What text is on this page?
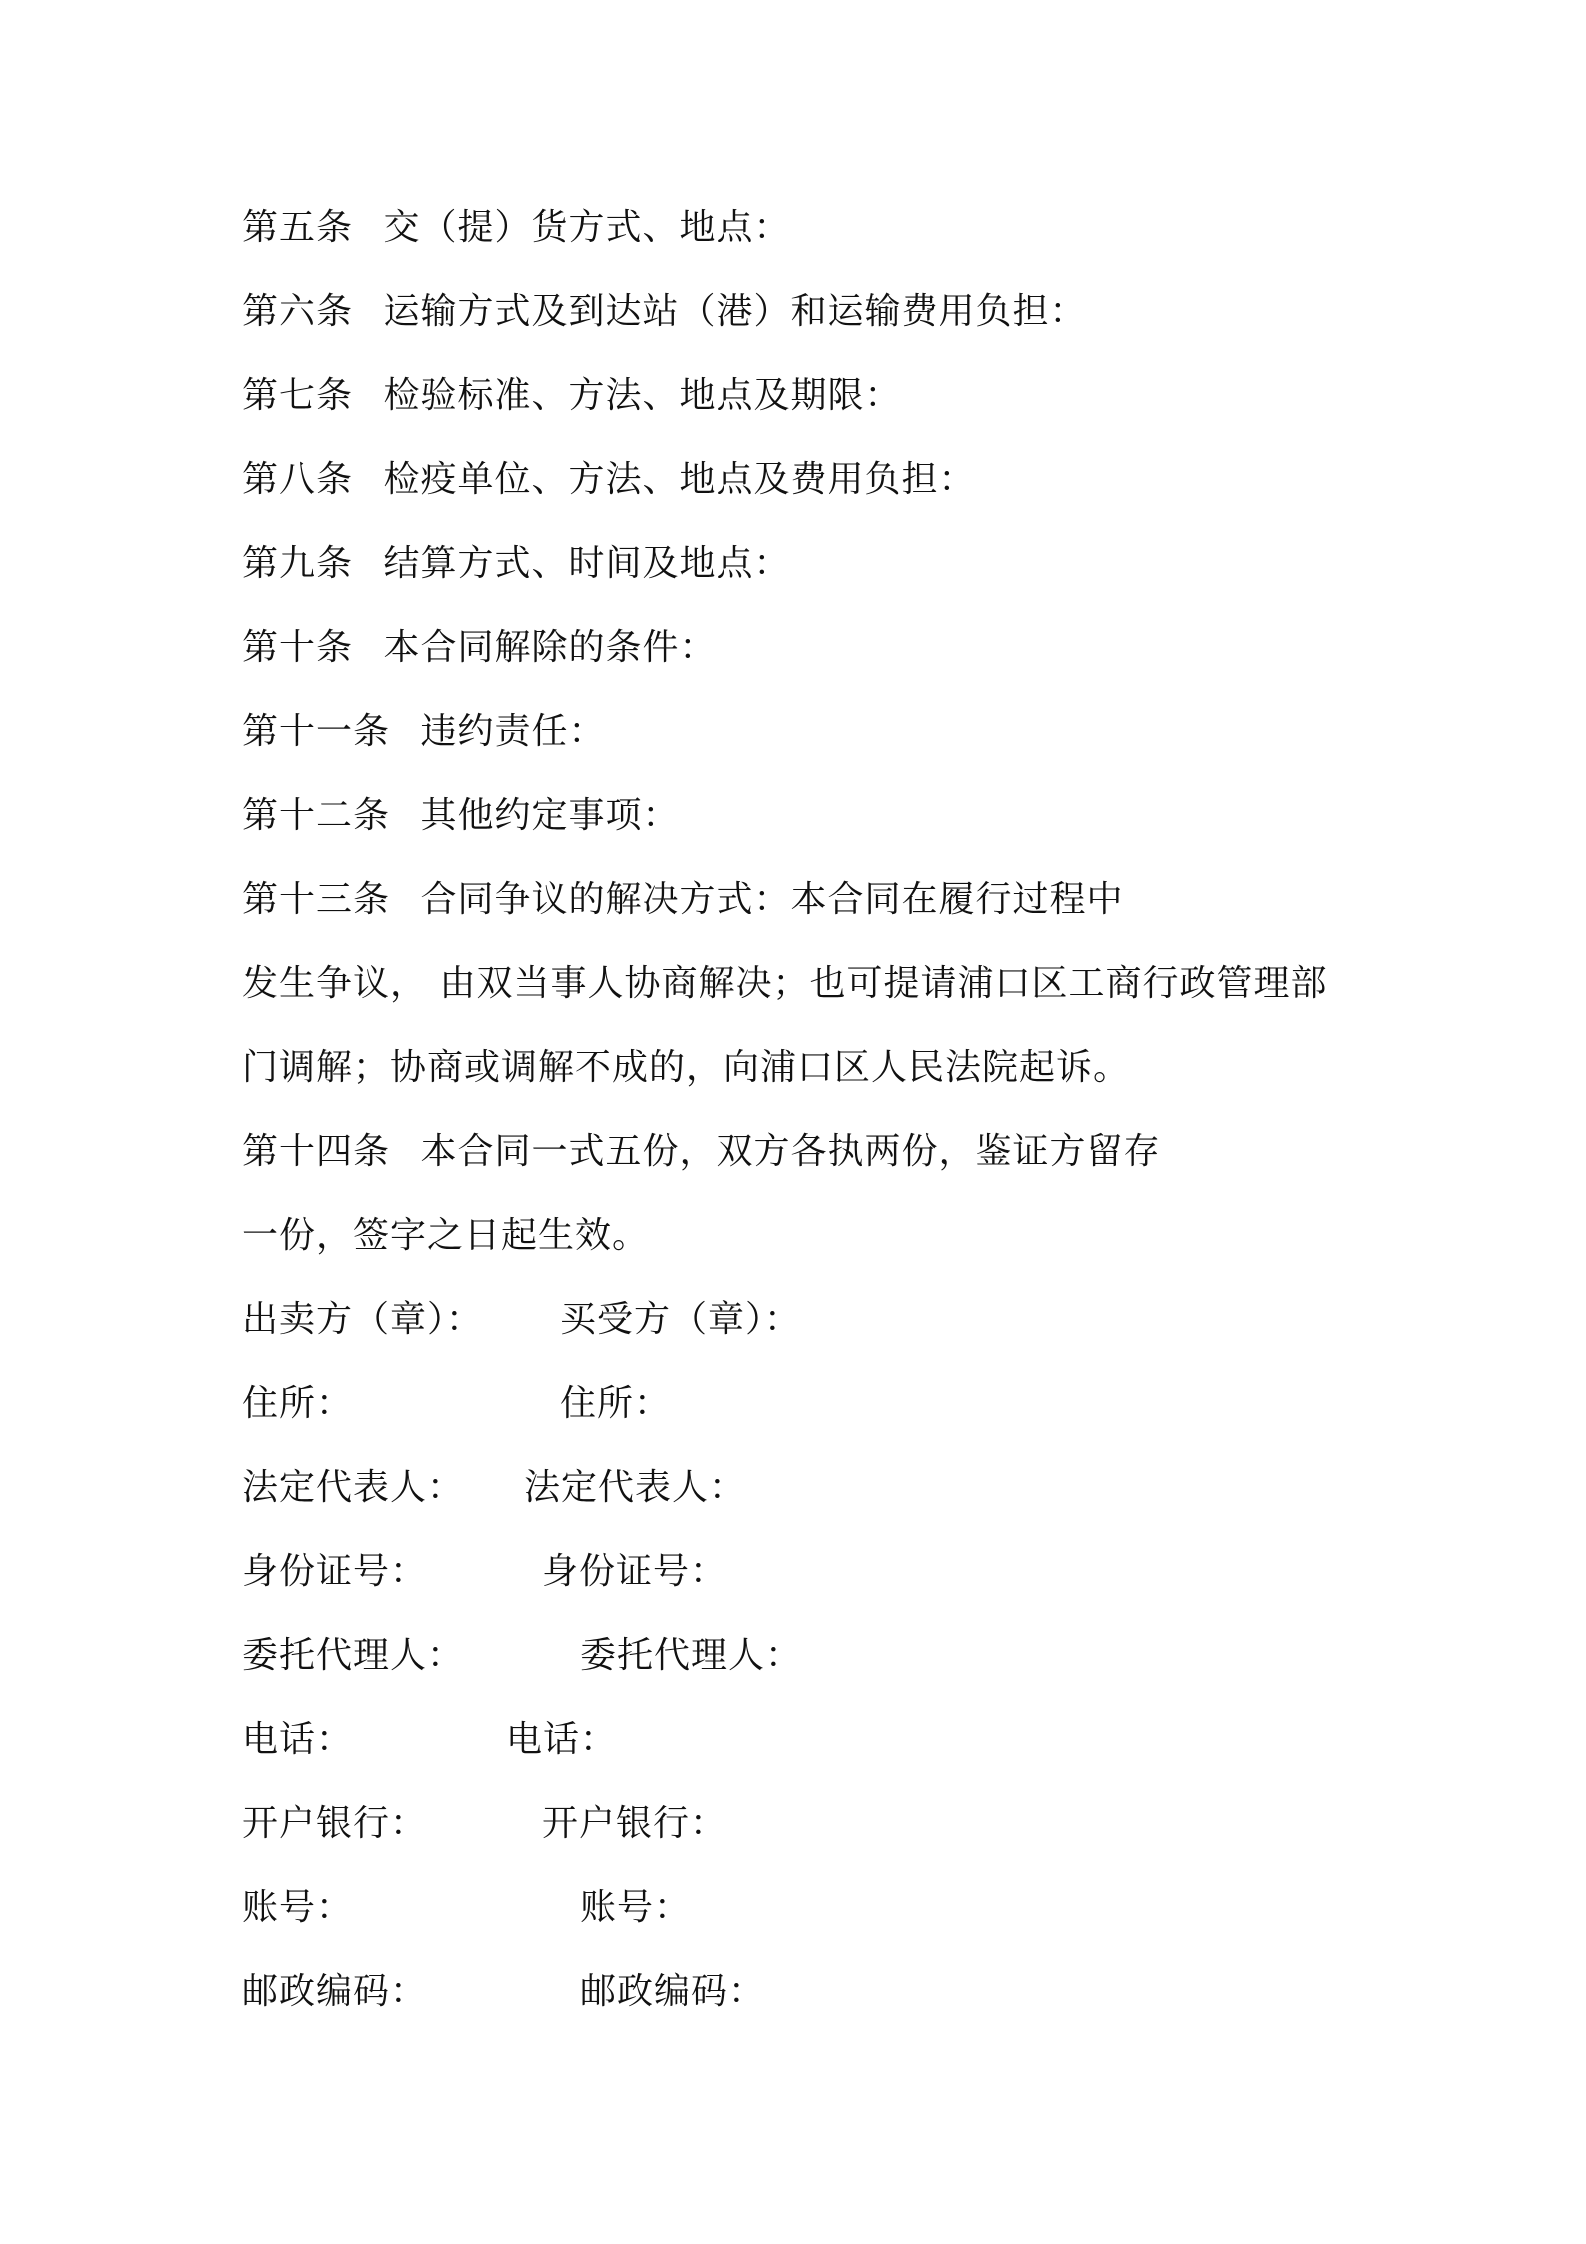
第五条 交（提）货方式、地点：
第六条 运输方式及到达站（港）和运输费用负担：
第七条 检验标准、方法、地点及期限：
第八条 检疫单位、方法、地点及费用负担：
第九条 结算方式、时间及地点：
第十条 本合同解除的条件：
第十一条 违约责任：
第十二条 其他约定事项：
第十三条 合同争议的解决方式：本合同在履行过程中
发生争议， 由双当事人协商解决；也可提请浦口区工商行政管理部
门调解；协商或调解不成的，向浦口区人民法院起诉。
第十四条 本合同一式五份，双方各执两份，鉴证方留存
一份，签字之日起生效。
出卖方（章）： 买受方（章）：
住所：	住所：
法定代表人： 法定代表人：
身份证号：	身份证号：
委托代理人：	委托代理人：
电话：	电话：
开户银行：	开户银行：
账号：	账号：
邮政编码：	邮政编码：
